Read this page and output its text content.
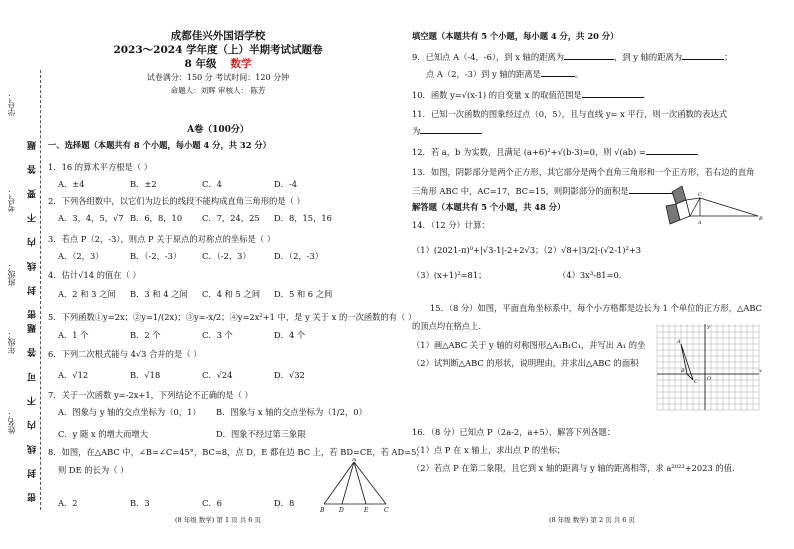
学号：
考号：
班级：
年级：
姓名：
密 封 线 内 不 要 答 题
密 封 线 内 不 可 答 题
成都佳兴外国语学校
2023～2024 学年度（上）半期考试试题卷
8 年级 数学
试卷满分：150 分 考试时间：120 分钟
命题人：刘辉 审核人： 陈芳
A卷（100分）
一、选择题（本题共有 8 个小题，每小题 4 分，共 32 分）
1．16 的算术平方根是（ ）
A．±4	B．±2	C．4	D．-4
2．下列各组数中，以它们为边长的线段不能构成直角三角形的是（ ）
A．3，4，5，√7 B．6，8，10 C．7，24，25 D．8，15，16
3．若点 P（2，-3），则点 P 关于原点的对称点的坐标是（ ）
A．（2，3）	B．（-2，-3） C．（-2，3）	D．（2，-3）
4．估计√14 的值在（ ）
A．2 和 3 之间 B．3 和 4 之间 C．4 和 5 之间 D．5 和 6 之间
5．下列函数①y=2x；②y=1/(2x)；③y=-x/2；④y=2x²+1 中，是 y 关于 x 的一次函数的有（ ）
A．1 个	B．2 个	C．3 个	D．4 个
6．下列二次根式能与 4√3 合并的是（ ）
A．√12	B．√18	C．√24	D．√32
7．关于一次函数 y=-2x+1，下列结论不正确的是（ ）
A．图象与 y 轴的交点坐标为（0，1） B．图象与 x 轴的交点坐标为（1/2，0）
C．y 随 x 的增大而增大	D．图象不经过第三象限
8．如图，在△ABC 中，∠B=∠C=45°，BC=8，点 D，E 都在边 BC 上，若 BD=CE，若 AD=5，
则 DE 的长为（ ）
A．2	B．3	C．6	D．8
A
B D	E	C
(8 年级 数学) 第 1 页 共 6 页
填空题（本题共有 5 个小题，每小题 4 分，共 20 分）
9．已知点 A（-4，-6），到 x 轴的距离为	，到 y 轴的距离为	；
点 A（2，-3）到 y 轴的距离是	。
10．函数 y=√(x-1) 的自变量 x 的取值范围是
11．已知一次函数的图象经过点（0，5），且与直线 y= x 平行，则一次函数的表达式
为
12．若 a，b 为实数，且满足 (a+6)²+√(b-3)=0，则 √(ab) =
13．如图，阴影部分是两个正方形，其它部分是两个直角三角形和一个正方形，若右边的直角
三角形 ABC 中，AC=17，BC=15，则阴影部分的面积是	C
A
B
解答题（本题共有 5 个小题，共 48 分）
14．（12 分）计算：
（1）(2021-π)⁰+|√3-1|-2+2√3；（2）√8+|3/2|-(√2-1)²+3
（3）(x+1)²=81；	（4）3x³-81=0.
15．（8 分）如图，平面直角坐标系中，每个小方格都是边长为 1 个单位的正方形，△ABC
的顶点均在格点上.
（1）画△ABC 关于 y 轴的对称图形△A₁B₁C₁，并写出 A₁ 的坐
（2）试判断△ABC 的形状，说明理由，并求出△ABC 的面积
x
y
O
A
B
C
16．（8 分）已知点 P（2a-2，a+5），解答下列各题：
（1）点 P 在 x 轴上，求出点 P 的坐标；
（2）若点 P 在第二象限，且它到 x 轴的距离与 y 轴的距离相等，求 a²⁰²³+2023 的值.
(8 年级 数学) 第 2 页 共 6 页
